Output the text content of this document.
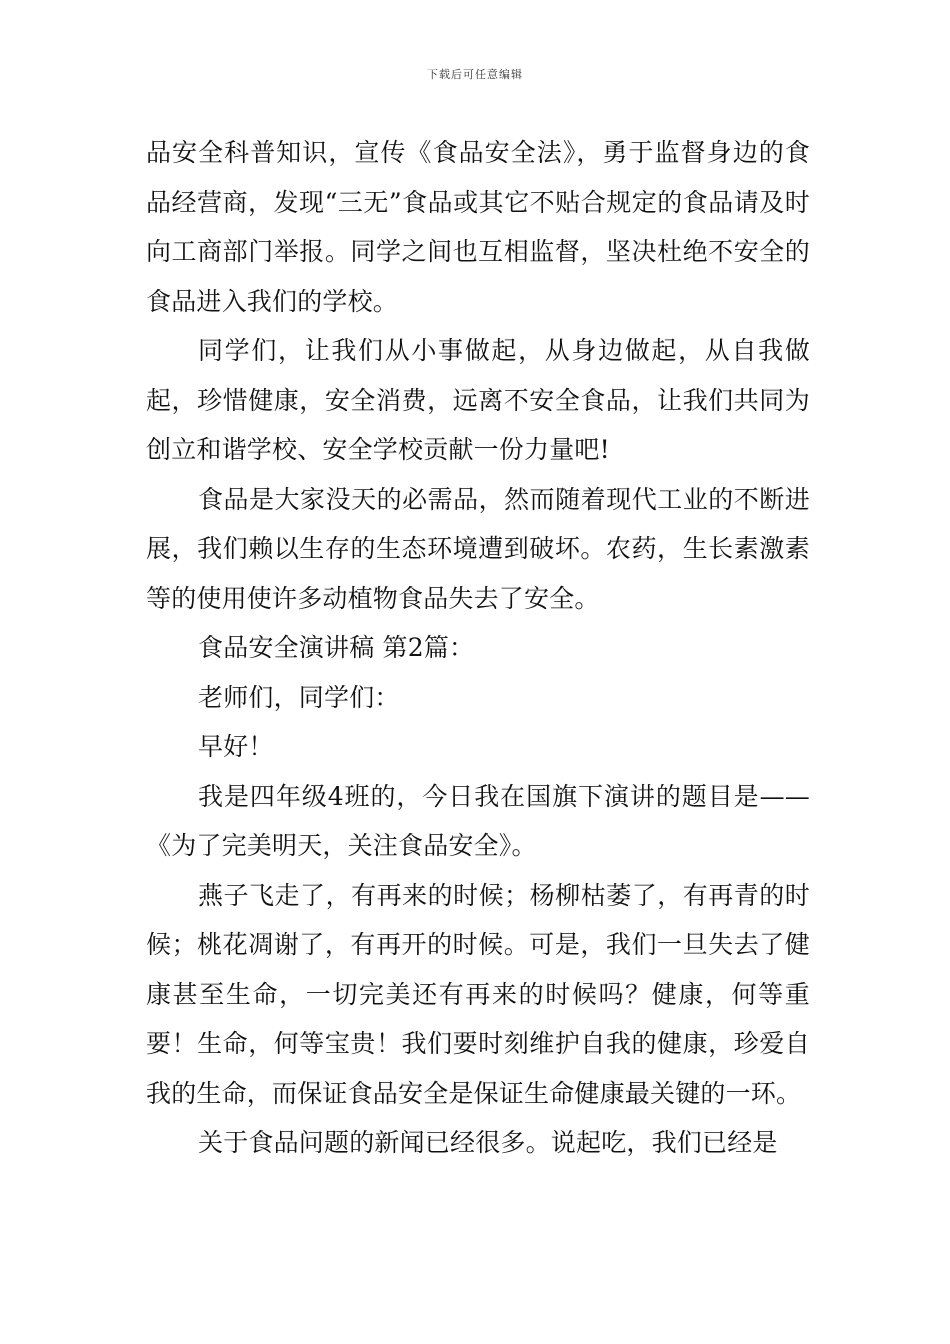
下载后可任意编辑

品安全科普知识，宣传《食品安全法》，勇于监督身边的食品经营商，发现“三无”食品或其它不贴合规定的食品请及时向工商部门举报。同学之间也互相监督，坚决杜绝不安全的食品进入我们的学校。

同学们，让我们从小事做起，从身边做起，从自我做起，珍惜健康，安全消费，远离不安全食品，让我们共同为创立和谐学校、安全学校贡献一份力量吧!

食品是大家没天的必需品，然而随着现代工业的不断进展，我们赖以生存的生态环境遭到破坏。农药，生长素激素等的使用使许多动植物食品失去了安全。

食品安全演讲稿 第2篇：

老师们，同学们：

早好！

我是四年级4班的，今日我在国旗下演讲的题目是——《为了完美明天，关注食品安全》。

燕子飞走了，有再来的时候；杨柳枯萎了，有再青的时候；桃花凋谢了，有再开的时候。可是，我们一旦失去了健康甚至生命，一切完美还有再来的时候吗？健康，何等重要！生命，何等宝贵！我们要时刻维护自我的健康，珍爱自我的生命，而保证食品安全是保证生命健康最关键的一环。

关于食品问题的新闻已经很多。说起吃，我们已经是
